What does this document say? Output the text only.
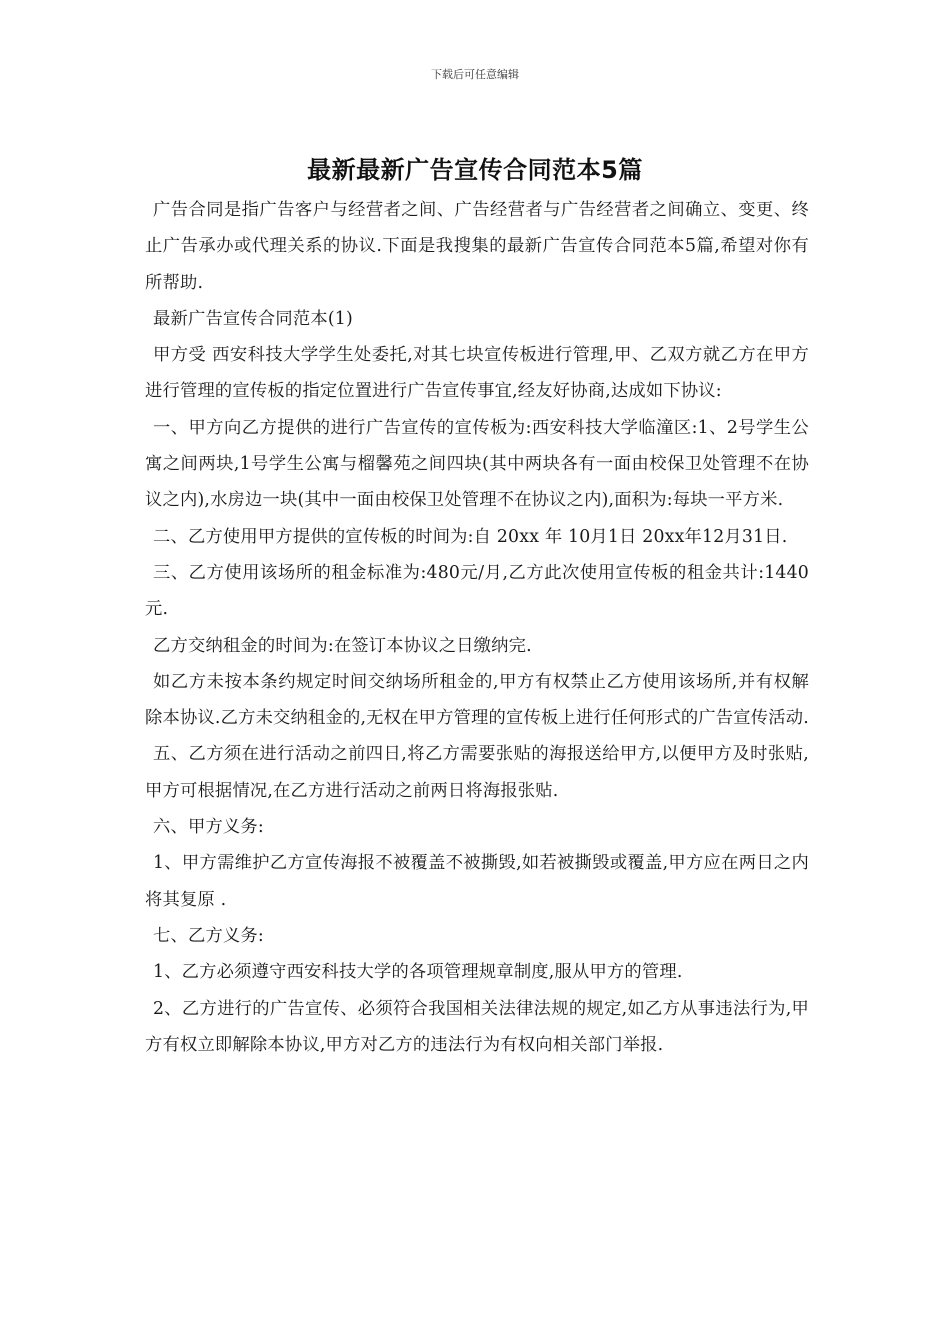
下载后可任意编辑
最新最新广告宣传合同范本5篇

广告合同是指广告客户与经营者之间、广告经营者与广告经营者之间确立、变更、终止广告承办或代理关系的协议.下面是我搜集的最新广告宣传合同范本5篇,希望对你有所帮助.

最新广告宣传合同范本(1)

甲方受 西安科技大学学生处委托,对其七块宣传板进行管理,甲、乙双方就乙方在甲方进行管理的宣传板的指定位置进行广告宣传事宜,经友好协商,达成如下协议:

一、甲方向乙方提供的进行广告宣传的宣传板为:西安科技大学临潼区:1、2号学生公寓之间两块,1号学生公寓与榴馨苑之间四块(其中两块各有一面由校保卫处管理不在协议之内),水房边一块(其中一面由校保卫处管理不在协议之内),面积为:每块一平方米.

二、乙方使用甲方提供的宣传板的时间为:自 20xx 年 10月1日 20xx年12月31日.

三、乙方使用该场所的租金标准为:480元/月,乙方此次使用宣传板的租金共计:1440元.

乙方交纳租金的时间为:在签订本协议之日缴纳完.

如乙方未按本条约规定时间交纳场所租金的,甲方有权禁止乙方使用该场所,并有权解除本协议.乙方未交纳租金的,无权在甲方管理的宣传板上进行任何形式的广告宣传活动.

五、乙方须在进行活动之前四日,将乙方需要张贴的海报送给甲方,以便甲方及时张贴,甲方可根据情况,在乙方进行活动之前两日将海报张贴.

六、甲方义务:

1、甲方需维护乙方宣传海报不被覆盖不被撕毁,如若被撕毁或覆盖,甲方应在两日之内将其复原 .

七、乙方义务:

1、乙方必须遵守西安科技大学的各项管理规章制度,服从甲方的管理.

2、乙方进行的广告宣传、必须符合我国相关法律法规的规定,如乙方从事违法行为,甲方有权立即解除本协议,甲方对乙方的违法行为有权向相关部门举报.
